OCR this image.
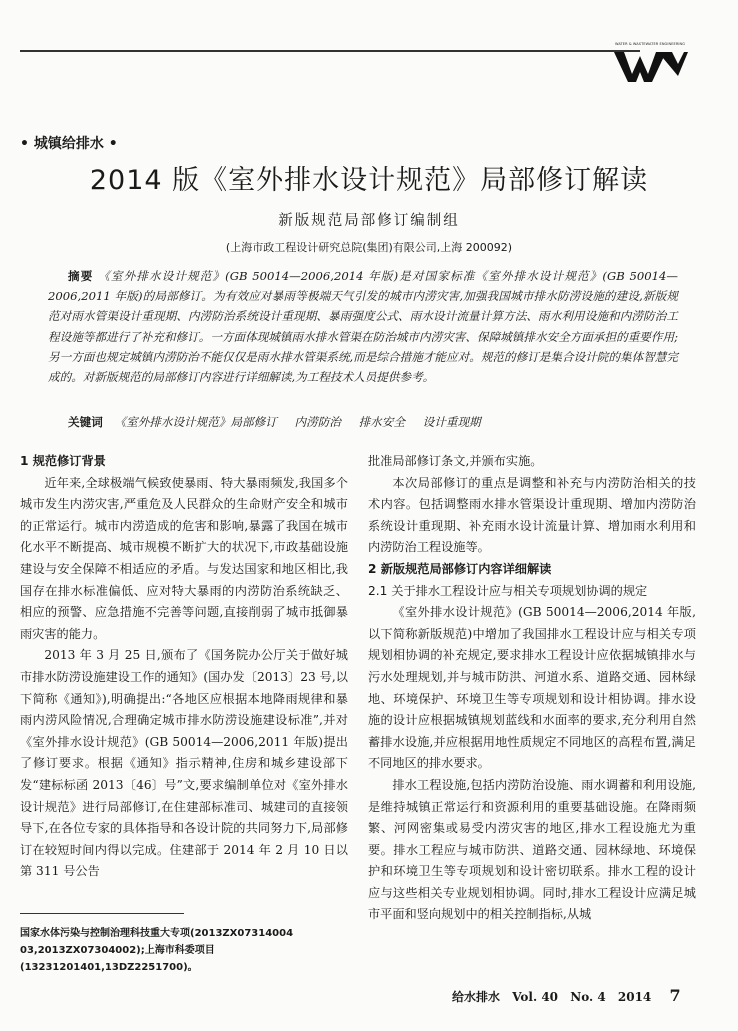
WATER & WASTEWATER ENGINEERING
• 城镇给排水 •
2014 版《室外排水设计规范》局部修订解读
新版规范局部修订编制组
(上海市政工程设计研究总院(集团)有限公司,上海 200092)
摘要 《室外排水设计规范》(GB 50014—2006,2014 年版)是对国家标准《室外排水设计规范》(GB 50014—2006,2011 年版)的局部修订。为有效应对暴雨等极端天气引发的城市内涝灾害,加强我国城市排水防涝设施的建设,新版规范对雨水管渠设计重现期、内涝防治系统设计重现期、暴雨强度公式、雨水设计流量计算方法、雨水利用设施和内涝防治工程设施等都进行了补充和修订。一方面体现城镇雨水排水管渠在防治城市内涝灾害、保障城镇排水安全方面承担的重要作用;另一方面也规定城镇内涝防治不能仅仅是雨水排水管渠系统,而是综合措施才能应对。规范的修订是集合设计院的集体智慧完成的。对新版规范的局部修订内容进行详细解读,为工程技术人员提供参考。
关键词 《室外排水设计规范》局部修订 内涝防治 排水安全 设计重现期

1 规范修订背景

近年来,全球极端气候致使暴雨、特大暴雨频发,我国多个城市发生内涝灾害,严重危及人民群众的生命财产安全和城市的正常运行。城市内涝造成的危害和影响,暴露了我国在城市化水平不断提高、城市规模不断扩大的状况下,市政基础设施建设与安全保障不相适应的矛盾。与发达国家和地区相比,我国存在排水标准偏低、应对特大暴雨的内涝防治系统缺乏、相应的预警、应急措施不完善等问题,直接削弱了城市抵御暴雨灾害的能力。

2013 年 3 月 25 日,颁布了《国务院办公厅关于做好城市排水防涝设施建设工作的通知》(国办发〔2013〕23 号,以下简称《通知》),明确提出:“各地区应根据本地降雨规律和暴雨内涝风险情况,合理确定城市排水防涝设施建设标准”,并对《室外排水设计规范》(GB 50014—2006,2011 年版)提出了修订要求。根据《通知》指示精神,住房和城乡建设部下发“建标标函 2013〔46〕号”文,要求编制单位对《室外排水设计规范》进行局部修订,在住建部标准司、城建司的直接领导下,在各位专家的具体指导和各设计院的共同努力下,局部修订在较短时间内得以完成。住建部于 2014 年 2 月 10 日以第 311 号公告

批准局部修订条文,并颁布实施。

本次局部修订的重点是调整和补充与内涝防治相关的技术内容。包括调整雨水排水管渠设计重现期、增加内涝防治系统设计重现期、补充雨水设计流量计算、增加雨水利用和内涝防治工程设施等。

2 新版规范局部修订内容详细解读

2.1 关于排水工程设计应与相关专项规划协调的规定

《室外排水设计规范》(GB 50014—2006,2014 年版,以下简称新版规范)中增加了我国排水工程设计应与相关专项规划相协调的补充规定,要求排水工程设计应依据城镇排水与污水处理规划,并与城市防洪、河道水系、道路交通、园林绿地、环境保护、环境卫生等专项规划和设计相协调。排水设施的设计应根据城镇规划蓝线和水面率的要求,充分利用自然蓄排水设施,并应根据用地性质规定不同地区的高程布置,满足不同地区的排水要求。

排水工程设施,包括内涝防治设施、雨水调蓄和利用设施,是维持城镇正常运行和资源利用的重要基础设施。在降雨频繁、河网密集或易受内涝灾害的地区,排水工程设施尤为重要。排水工程应与城市防洪、道路交通、园林绿地、环境保护和环境卫生等专项规划和设计密切联系。排水工程的设计应与这些相关专业规划相协调。同时,排水工程设计应满足城市平面和竖向规划中的相关控制指标,从城

国家水体污染与控制治理科技重大专项(2013ZX07314004 03,2013ZX07304002);上海市科委项目(13231201401,13DZ2251700)。
给水排水 Vol. 40 No. 4 2014 7
